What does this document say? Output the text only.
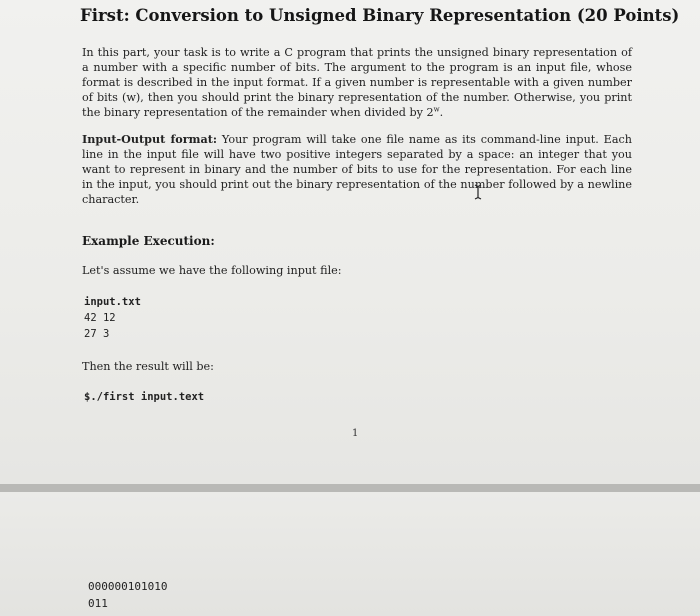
First: Conversion to Unsigned Binary Representation (20 Points)
In this part, your task is to write a C program that prints the unsigned binary representation of a number with a specific number of bits. The argument to the program is an input file, whose format is described in the input format. If a given number is representable with a given number of bits (w), then you should print the binary representation of the number. Otherwise, you print the binary representation of the remainder when divided by 2$^w$.
Input-Output format: Your program will take one file name as its command-line input. Each line in the input file will have two positive integers separated by a space: an integer that you want to represent in binary and the number of bits to use for the representation. For each line in the input, you should print out the binary representation of the number followed by a newline character.
Example Execution:
Let's assume we have the following input file:
input.txt
42 12
27 3
Then the result will be:
$./first input.text
1
000000101010
011
